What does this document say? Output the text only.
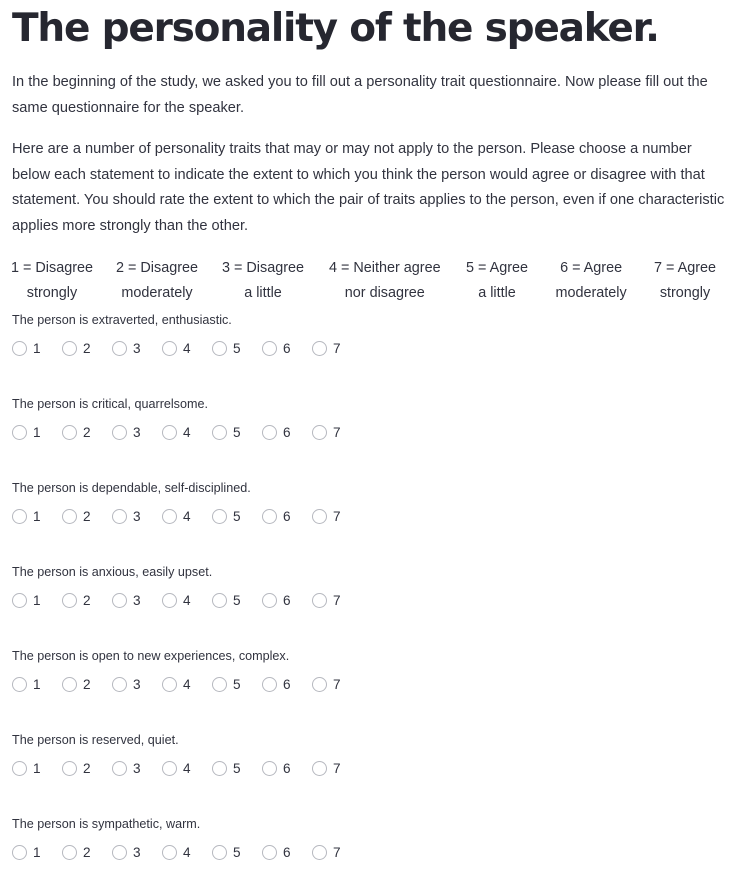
The personality of the speaker.

In the beginning of the study, we asked you to fill out a personality trait questionnaire. Now please fill out the same questionnaire for the speaker.

Here are a number of personality traits that may or may not apply to the person. Please choose a number below each statement to indicate the extent to which you think the person would agree or disagree with that statement. You should rate the extent to which the pair of traits applies to the person, even if one characteristic applies more strongly than the other.

1 = Disagree
strongly
2 = Disagree
moderately
3 = Disagree
a little
4 = Neither agree
nor disagree
5 = Agree
a little
6 = Agree
moderately
7 = Agree
strongly
The person is extraverted, enthusiastic.
1	2	3	4	5	6	7
The person is critical, quarrelsome.
1	2	3	4	5	6	7
The person is dependable, self-disciplined.
1	2	3	4	5	6	7
The person is anxious, easily upset.
1	2	3	4	5	6	7
The person is open to new experiences, complex.
1	2	3	4	5	6	7
The person is reserved, quiet.
1	2	3	4	5	6	7
The person is sympathetic, warm.
1	2	3	4	5	6	7
